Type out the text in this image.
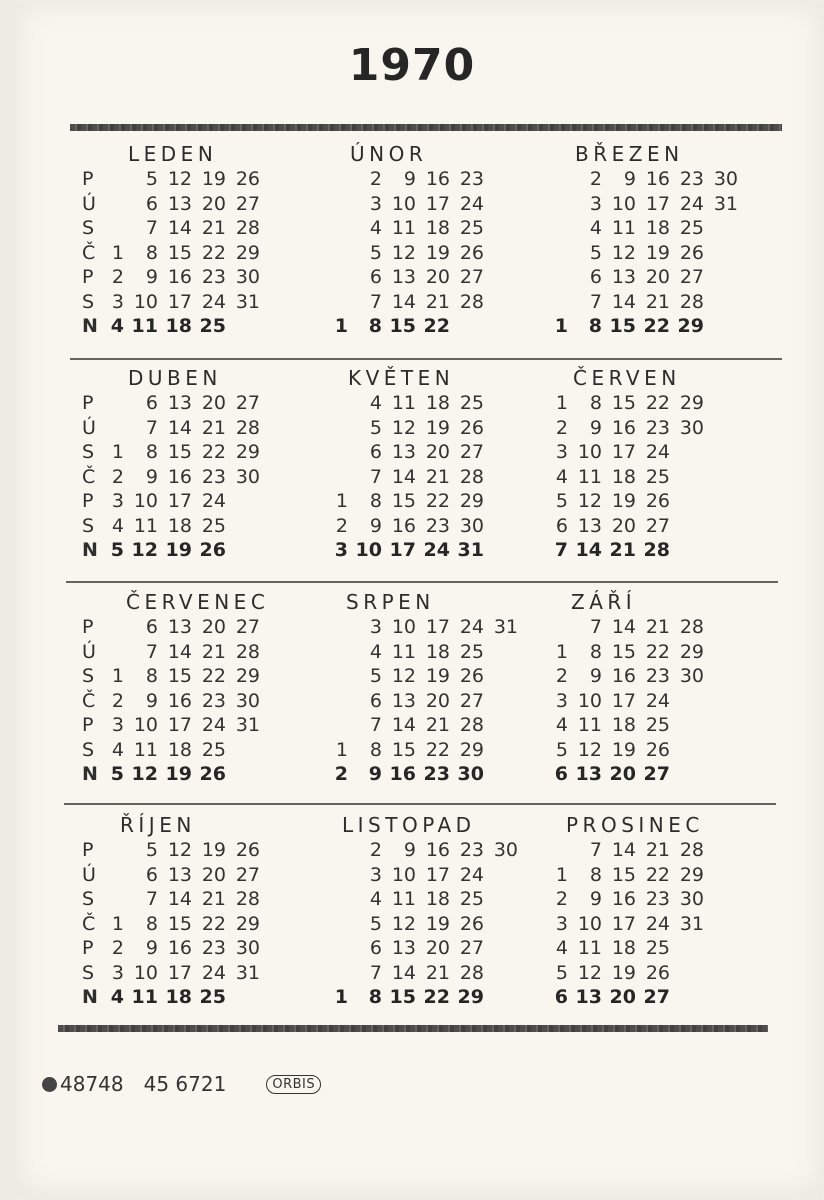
1970
P
Ú
S
Č
P
S
N
LEDEN
5 12 19 26
6 13 20 27
7 14 21 28
1 8 15 22 29
2 9 16 23 30
3 10 17 24 31
4 11 18 25
ÚNOR
2 9 16 23
3 10 17 24
4 11 18 25
5 12 19 26
6 13 20 27
7 14 21 28
1 8 15 22
BŘEZEN
2 9 16 23 30
3 10 17 24 31
4 11 18 25
5 12 19 26
6 13 20 27
7 14 21 28
1 8 15 22 29
P
Ú
S
Č
P
S
N
DUBEN
6 13 20 27
7 14 21 28
1 8 15 22 29
2 9 16 23 30
3 10 17 24
4 11 18 25
5 12 19 26
KVĚTEN
4 11 18 25
5 12 19 26
6 13 20 27
7 14 21 28
1 8 15 22 29
2 9 16 23 30
3 10 17 24 31
ČERVEN
1 8 15 22 29
2 9 16 23 30
3 10 17 24
4 11 18 25
5 12 19 26
6 13 20 27
7 14 21 28
P
Ú
S
Č
P
S
N
ČERVENEC
6 13 20 27
7 14 21 28
1 8 15 22 29
2 9 16 23 30
3 10 17 24 31
4 11 18 25
5 12 19 26
SRPEN
3 10 17 24 31
4 11 18 25
5 12 19 26
6 13 20 27
7 14 21 28
1 8 15 22 29
2 9 16 23 30
ZÁŘÍ
7 14 21 28
1 8 15 22 29
2 9 16 23 30
3 10 17 24
4 11 18 25
5 12 19 26
6 13 20 27
P
Ú
S
Č
P
S
N
ŘÍJEN
5 12 19 26
6 13 20 27
7 14 21 28
1 8 15 22 29
2 9 16 23 30
3 10 17 24 31
4 11 18 25
LISTOPAD
2 9 16 23 30
3 10 17 24
4 11 18 25
5 12 19 26
6 13 20 27
7 14 21 28
1 8 15 22 29
PROSINEC
7 14 21 28
1 8 15 22 29
2 9 16 23 30
3 10 17 24 31
4 11 18 25
5 12 19 26
6 13 20 27
48748 45 6721	ORBIS
